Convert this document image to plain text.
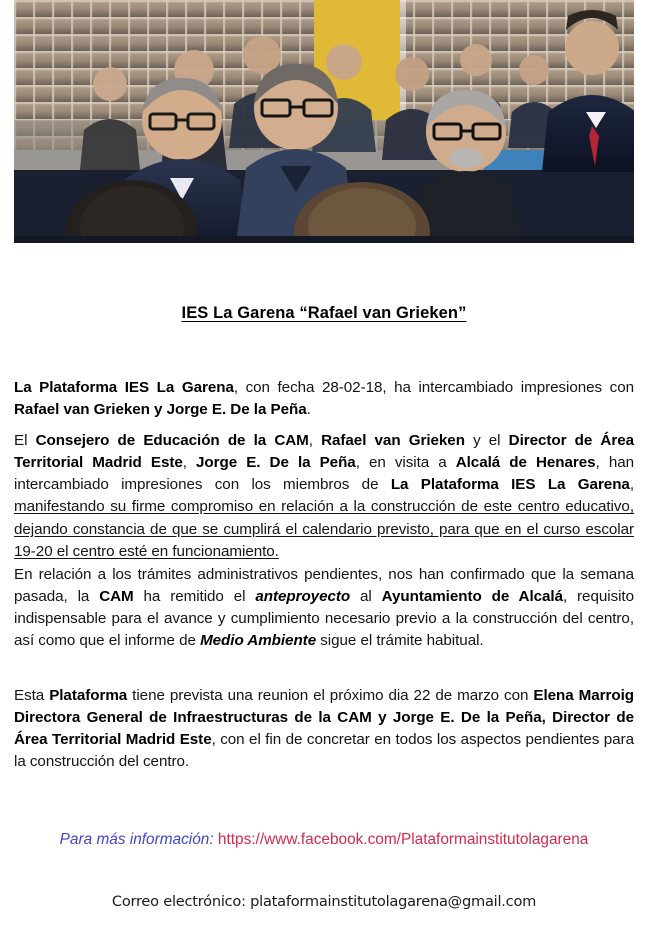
IES La Garena “Rafael van Grieken”

La Plataforma IES La Garena, con fecha 28-02-18, ha intercambiado impresiones con Rafael van Grieken y Jorge E. De la Peña.

El Consejero de Educación de la CAM, Rafael van Grieken y el Director de Área Territorial Madrid Este, Jorge E. De la Peña, en visita a Alcalá de Henares, han intercambiado impresiones con los miembros de La Plataforma IES La Garena, manifestando su firme compromiso en relación a la construcción de este centro educativo, dejando constancia de que se cumplirá el calendario previsto, para que en el curso escolar 19-20 el centro esté en funcionamiento.

En relación a los trámites administrativos pendientes, nos han confirmado que la semana pasada, la CAM ha remitido el anteproyecto al Ayuntamiento de Alcalá, requisito indispensable para el avance y cumplimiento necesario previo a la construcción del centro, así como que el informe de Medio Ambiente sigue el trámite habitual.

Esta Plataforma tiene prevista una reunion el próximo dia 22 de marzo con Elena Marroig Directora General de Infraestructuras de la CAM y Jorge E. De la Peña, Director de Área Territorial Madrid Este, con el fin de concretar en todos los aspectos pendientes para la construcción del centro.

Para más información: https://www.facebook.com/Plataformainstitutolagarena
Correo electrónico: plataformainstitutolagarena@gmail.com
